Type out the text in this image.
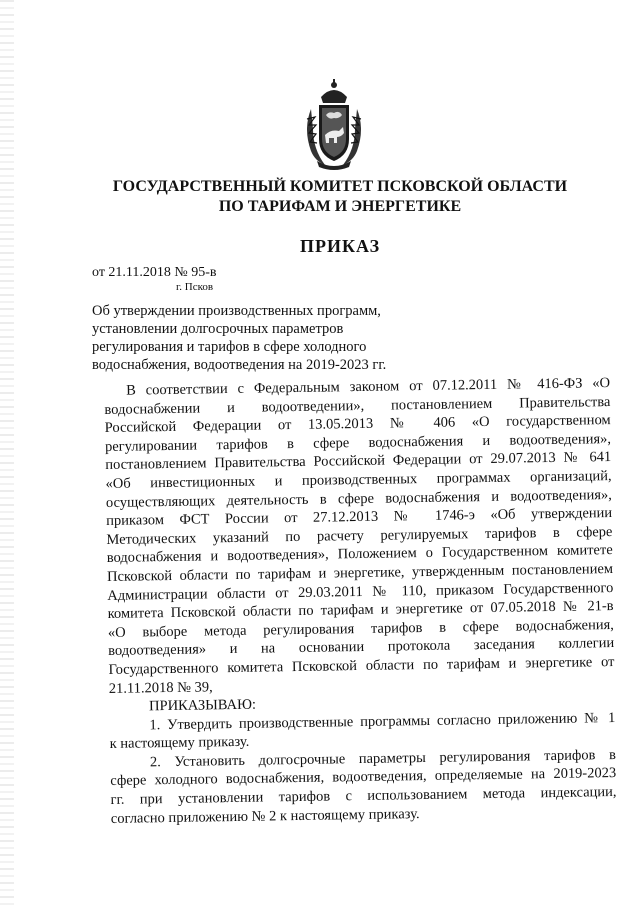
ГОСУДАРСТВЕННЫЙ КОМИТЕТ ПСКОВСКОЙ ОБЛАСТИ
ПО ТАРИФАМ И ЭНЕРГЕТИКЕ
ПРИКАЗ
от 21.11.2018 № 95-в
г. Псков
Об утверждении производственных программ,
установлении долгосрочных параметров
регулирования и тарифов в сфере холодного
водоснабжения, водоотведения на 2019-2023 гг.
В соответствии с Федеральным законом от 07.12.2011 № 416-ФЗ «О
водоснабжении и водоотведении», постановлением Правительства
Российской Федерации от 13.05.2013 № 406 «О государственном
регулировании тарифов в сфере водоснабжения и водоотведения»,
постановлением Правительства Российской Федерации от 29.07.2013 № 641
«Об инвестиционных и производственных программах организаций,
осуществляющих деятельность в сфере водоснабжения и водоотведения»,
приказом ФСТ России от 27.12.2013 № 1746-э «Об утверждении
Методических указаний по расчету регулируемых тарифов в сфере
водоснабжения и водоотведения», Положением о Государственном комитете
Псковской области по тарифам и энергетике, утвержденным постановлением
Администрации области от 29.03.2011 № 110, приказом Государственного
комитета Псковской области по тарифам и энергетике от 07.05.2018 № 21-в
«О выборе метода регулирования тарифов в сфере водоснабжения,
водоотведения» и на основании протокола заседания коллегии
Государственного комитета Псковской области по тарифам и энергетике от
21.11.2018 № 39,
ПРИКАЗЫВАЮ:
1. Утвердить производственные программы согласно приложению № 1
к настоящему приказу.
2. Установить долгосрочные параметры регулирования тарифов в
сфере холодного водоснабжения, водоотведения, определяемые на 2019-2023
гг. при установлении тарифов с использованием метода индексации,
согласно приложению № 2 к настоящему приказу.
